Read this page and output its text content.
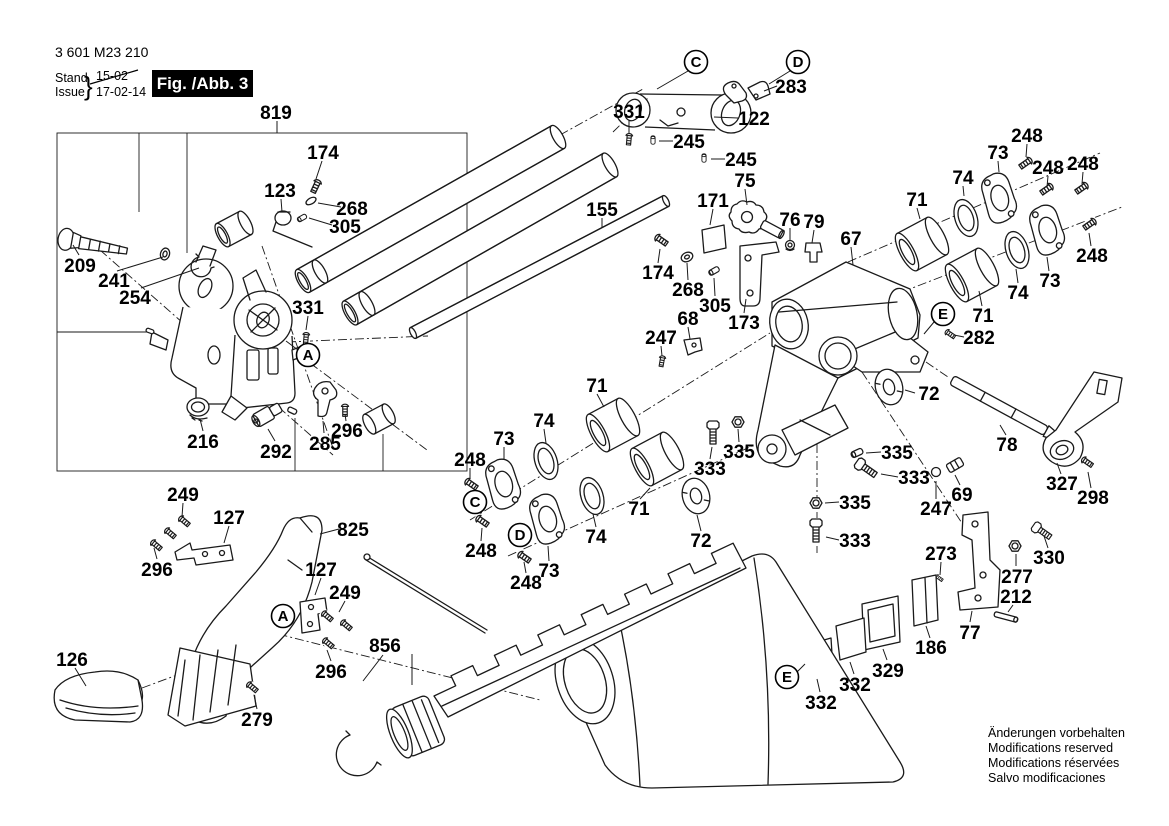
A
A
C
C
D
D
E
E
819
174
123
268
305
209
241
254	331
216 292 285
296
249
127
825
296	127
249
296
126
279
856
331
245
245
283
122
155
75
171
76 79
67
174
268
305
173
68
247
71
74
73
248
248
73
248
74
71
72
333
335	335
333
335
333
69
247
282
72
78
327
298
273	330
277
212
77
186
329
332
332
248
73
248 248
74
71
248
73
74
71
3 601 M23 210
Stand
Issue } 15-02
17-02-14 Fig. /Abb. 3
Änderungen vorbehalten
Modifications reserved
Modifications réservées
Salvo modificaciones
